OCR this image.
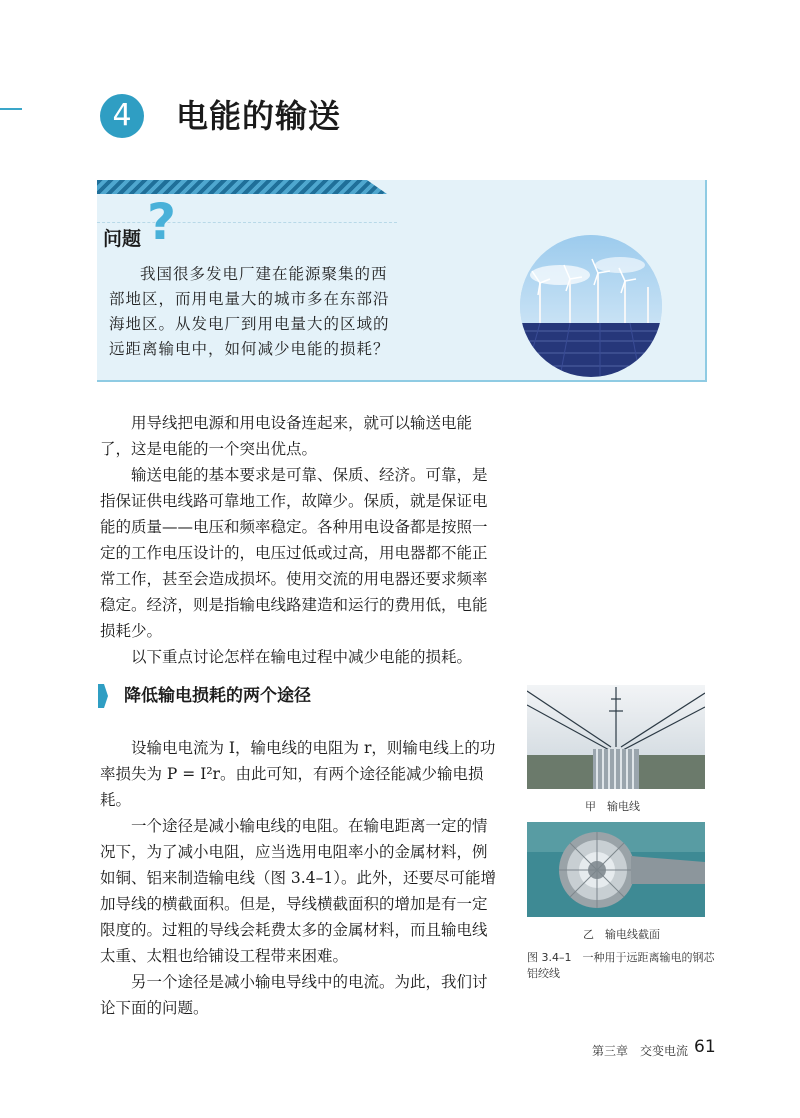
4	电能的输送
问题 ?
我国很多发电厂建在能源聚集的西部地区，而用电量大的城市多在东部沿海地区。从发电厂到用电量大的区域的远距离输电中，如何减少电能的损耗？

用导线把电源和用电设备连起来，就可以输送电能了，这是电能的一个突出优点。

输送电能的基本要求是可靠、保质、经济。可靠，是指保证供电线路可靠地工作，故障少。保质，就是保证电能的质量——电压和频率稳定。各种用电设备都是按照一定的工作电压设计的，电压过低或过高，用电器都不能正常工作，甚至会造成损坏。使用交流的用电器还要求频率稳定。经济，则是指输电线路建造和运行的费用低，电能损耗少。

以下重点讨论怎样在输电过程中减少电能的损耗。

降低输电损耗的两个途径

设输电电流为 I，输电线的电阻为 r，则输电线上的功率损失为 P = I²r。由此可知，有两个途径能减少输电损耗。

一个途径是减小输电线的电阻。在输电距离一定的情况下，为了减小电阻，应当选用电阻率小的金属材料，例如铜、铝来制造输电线（图 3.4–1）。此外，还要尽可能增加导线的横截面积。但是，导线横截面积的增加是有一定限度的。过粗的导线会耗费太多的金属材料，而且输电线太重、太粗也给铺设工程带来困难。

另一个途径是减小输电导线中的电流。为此，我们讨论下面的问题。

甲　输电线
乙　输电线截面
图 3.4–1　一种用于远距离输电的钢芯铝绞线
第三章　交变电流 61
